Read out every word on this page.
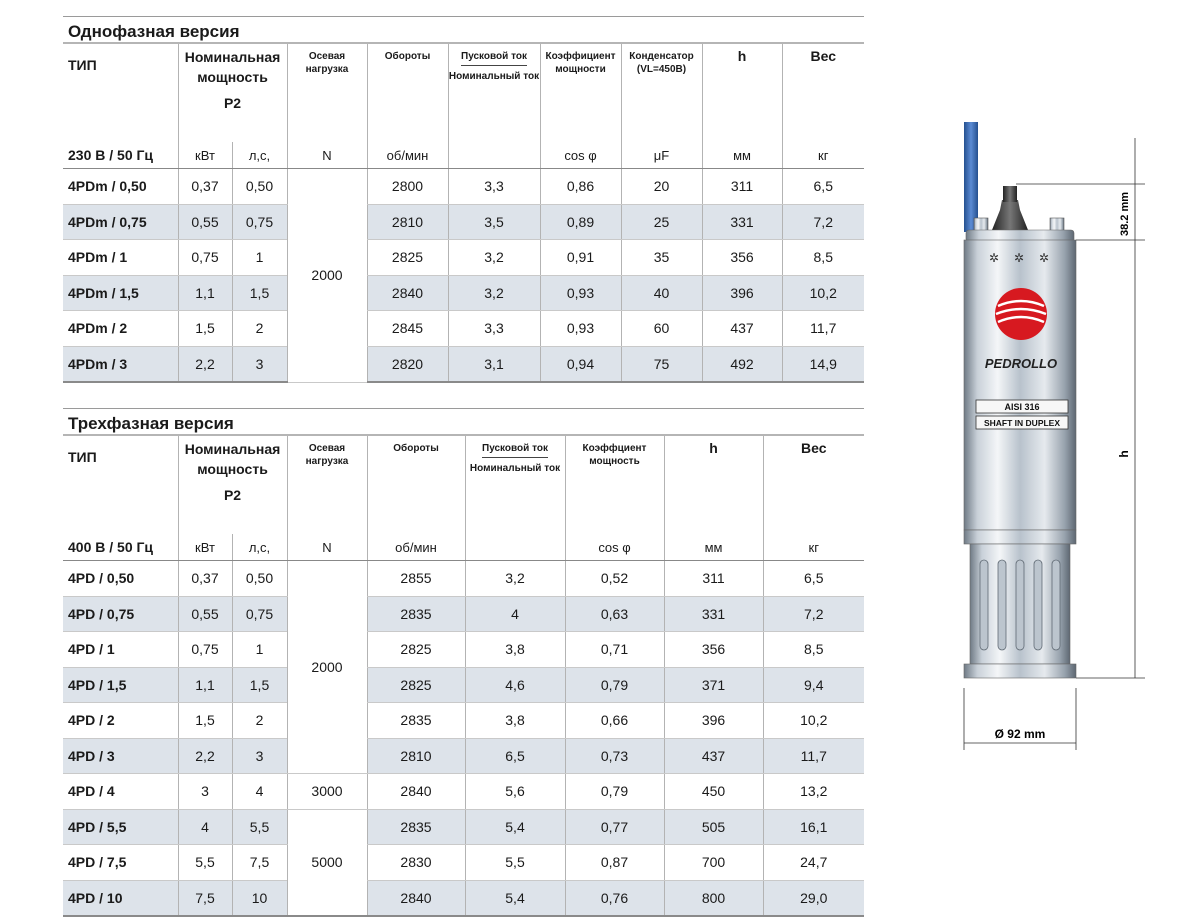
Однофазная версия
ТИП	Номинальная мощность
P2		Осевая нагрузка	Обороты	Пусковой ток
Номинальный ток	Коэффициент мощности	Конденсатор (VL=450В)	h	Вес
230 В / 50 Гц	кВт	л,с,	N	об/мин		cos φ	μF	мм	кг
4PDm / 0,50	0,37	0,50	2000	2800	3,3	0,86	20	311	6,5
4PDm / 0,75	0,55	0,75		2810	3,5	0,89	25	331	7,2
4PDm / 1	0,75	1		2825	3,2	0,91	35	356	8,5
4PDm / 1,5	1,1	1,5		2840	3,2	0,93	40	396	10,2
4PDm / 2	1,5	2		2845	3,3	0,93	60	437	11,7
4PDm / 3	2,2	3		2820	3,1	0,94	75	492	14,9
Трехфазная версия
ТИП	Номинальная мощность
P2		Осевая нагрузка	Обороты	Пусковой ток
Номинальный ток	Коэффциент мощность	h	Вес
400 В / 50 Гц	кВт	л,с,	N	об/мин		cos φ	мм	кг
4PD / 0,50	0,37	0,50	2000	2855	3,2	0,52	311	6,5
4PD / 0,75	0,55	0,75		2835	4	0,63	331	7,2
4PD / 1	0,75	1		2825	3,8	0,71	356	8,5
4PD / 1,5	1,1	1,5		2825	4,6	0,79	371	9,4
4PD / 2	1,5	2		2835	3,8	0,66	396	10,2
4PD / 3	2,2	3		2810	6,5	0,73	437	11,7
4PD / 4	3	4	3000	2840	5,6	0,79	450	13,2
4PD / 5,5	4	5,5	5000	2835	5,4	0,77	505	16,1
4PD / 7,5	5,5	7,5		2830	5,5	0,87	700	24,7
4PD / 10	7,5	10		2840	5,4	0,76	800	29,0
✲ ✲ ✲
PEDROLLO
AISI 316
SHAFT IN DUPLEX
38.2 mm
h
Ø 92 mm
